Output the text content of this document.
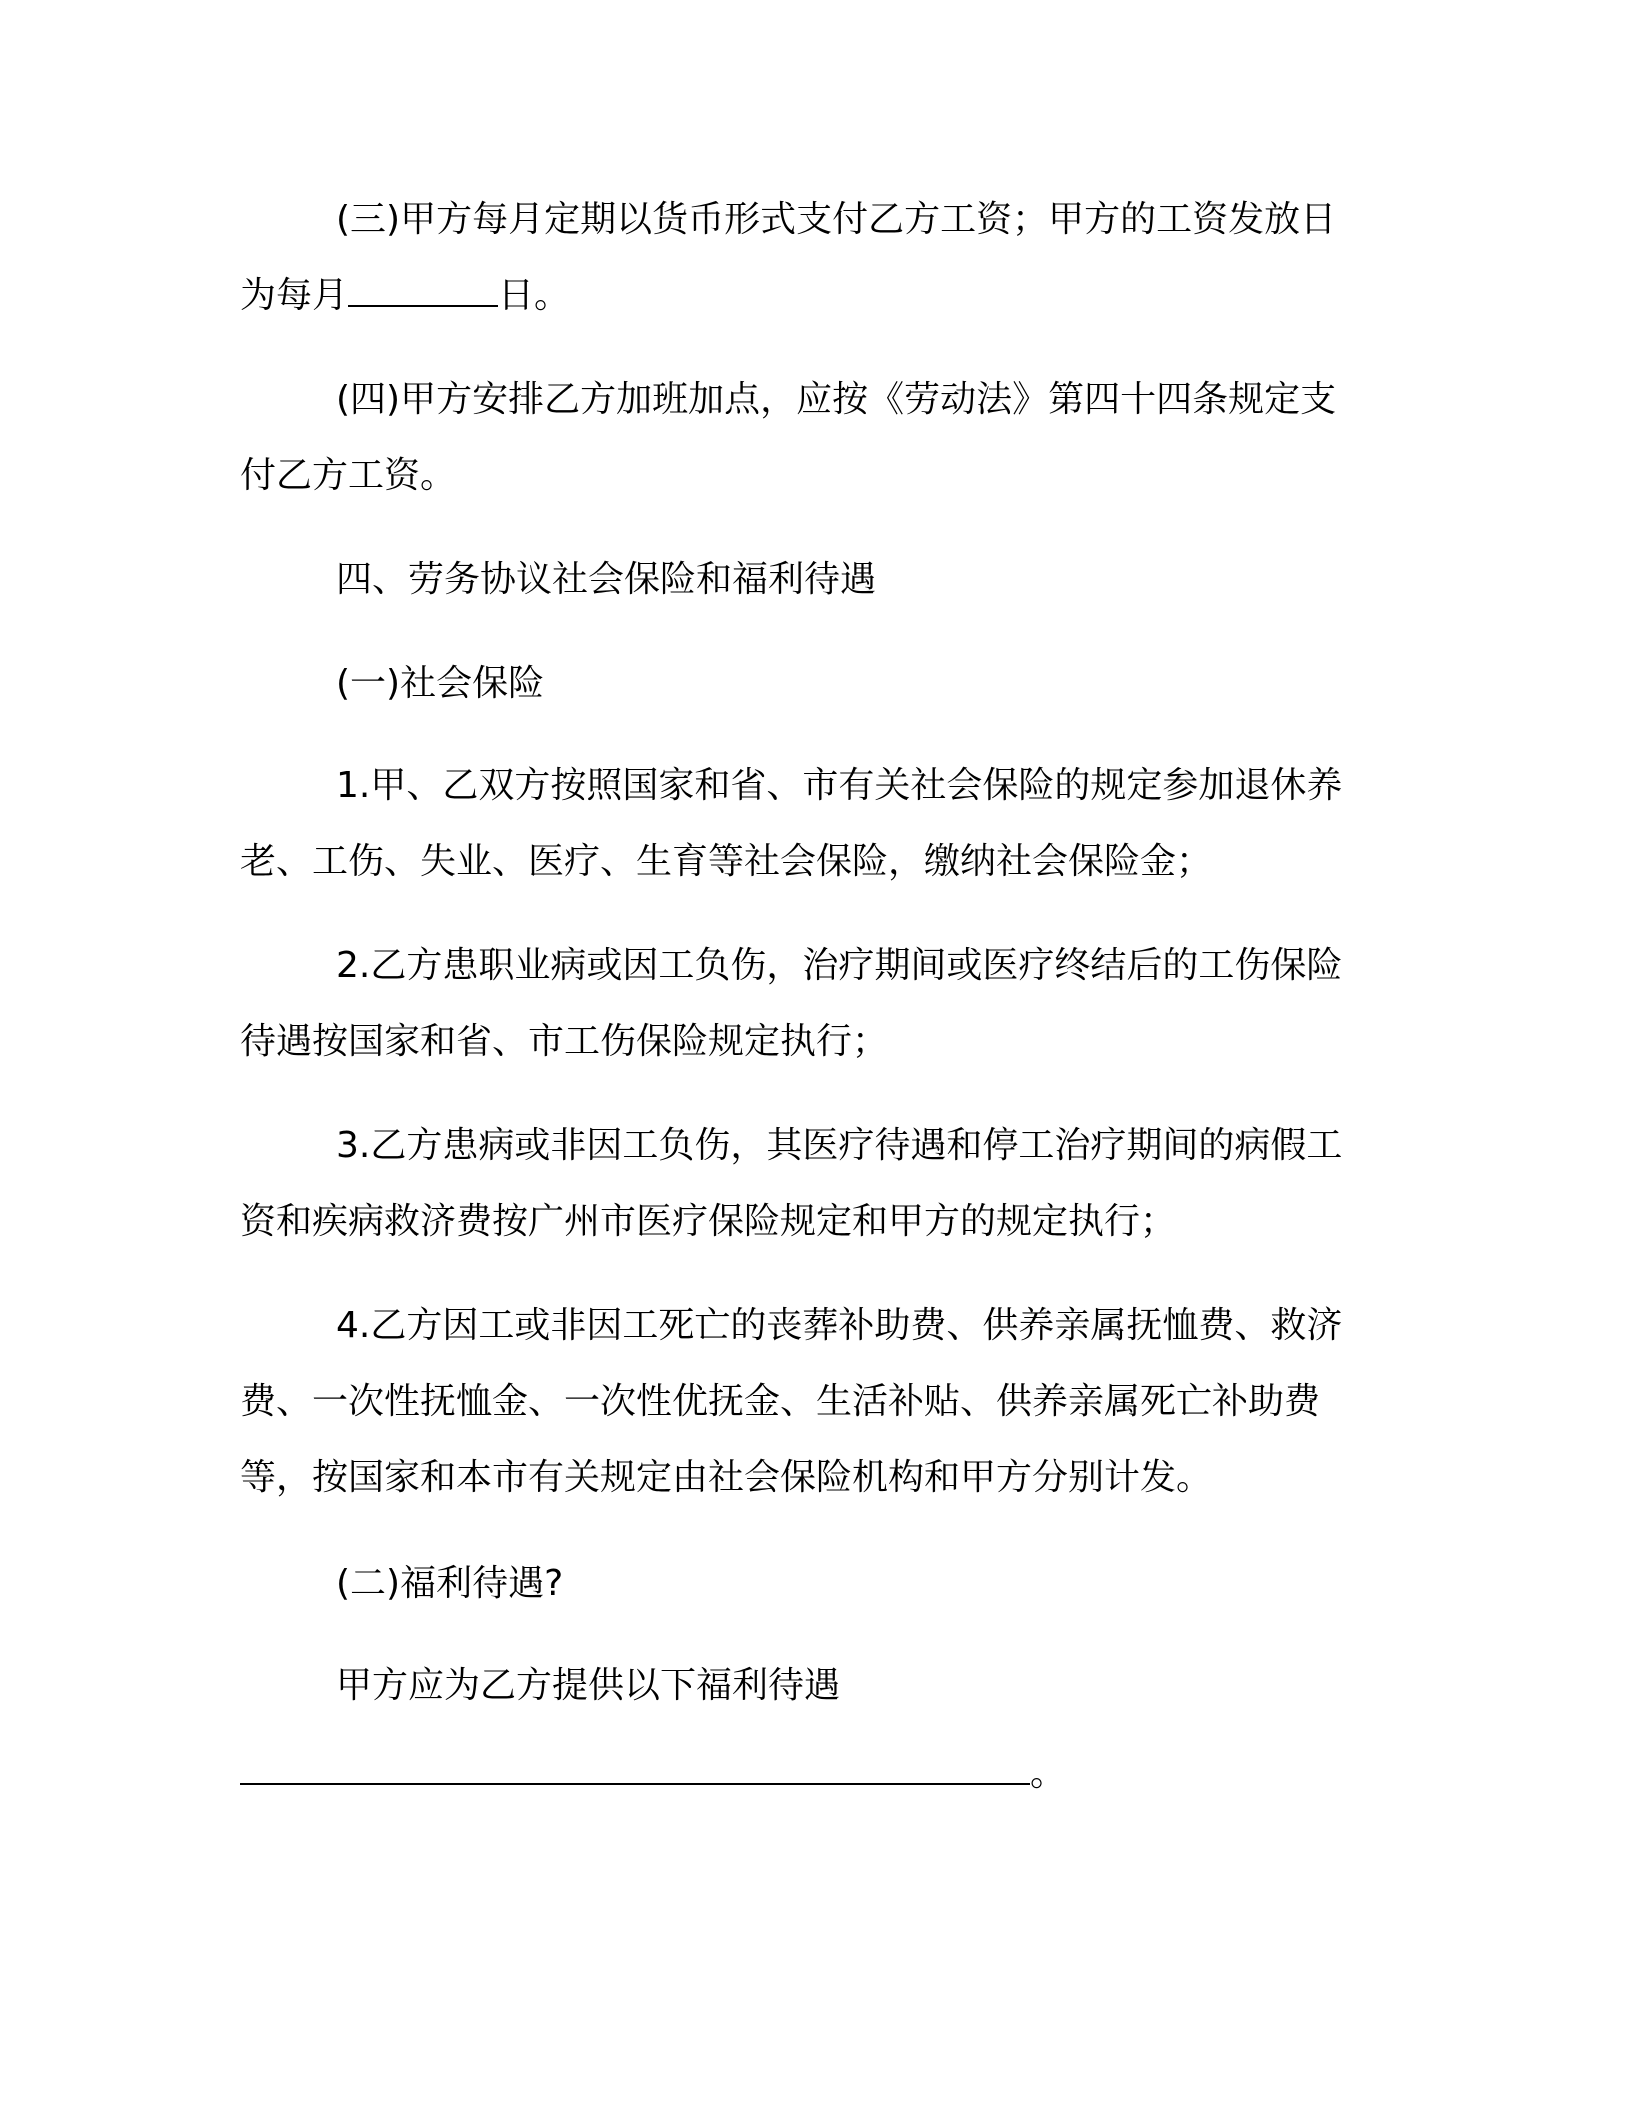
(三)甲方每月定期以货币形式支付乙方工资；甲方的工资发放日为每月	日。

(四)甲方安排乙方加班加点，应按《劳动法》第四十四条规定支付乙方工资。

四、劳务协议社会保险和福利待遇

(一)社会保险

1.甲、乙双方按照国家和省、市有关社会保险的规定参加退休养老、工伤、失业、医疗、生育等社会保险，缴纳社会保险金；

2.乙方患职业病或因工负伤，治疗期间或医疗终结后的工伤保险待遇按国家和省、市工伤保险规定执行；

3.乙方患病或非因工负伤，其医疗待遇和停工治疗期间的病假工资和疾病救济费按广州市医疗保险规定和甲方的规定执行；

4.乙方因工或非因工死亡的丧葬补助费、供养亲属抚恤费、救济费、一次性抚恤金、一次性优抚金、生活补贴、供养亲属死亡补助费等，按国家和本市有关规定由社会保险机构和甲方分别计发。

(二)福利待遇?

甲方应为乙方提供以下福利待遇

。
